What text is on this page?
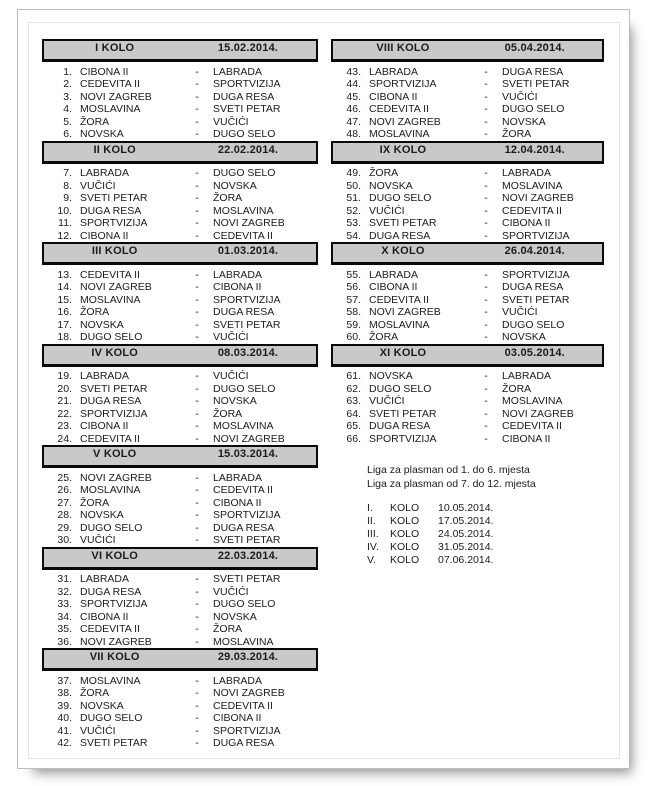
I KOLO	15.02.2014.
1. CIBONA II	-	LABRADA
2. CEDEVITA II	-	SPORTVIZIJA
3. NOVI ZAGREB	-	DUGA RESA
4. MOSLAVINA	-	SVETI PETAR
5. ŽORA	-	VUČIĆI
6. NOVSKA	-	DUGO SELO
II KOLO	22.02.2014.
7. LABRADA	-	DUGO SELO
8. VUČIĆI	-	NOVSKA
9. SVETI PETAR	-	ŽORA
10. DUGA RESA	-	MOSLAVINA
11. SPORTVIZIJA	-	NOVI ZAGREB
12. CIBONA II	-	CEDEVITA II
III KOLO	01.03.2014.
13. CEDEVITA II	-	LABRADA
14. NOVI ZAGREB	-	CIBONA II
15. MOSLAVINA	-	SPORTVIZIJA
16. ŽORA	-	DUGA RESA
17. NOVSKA	-	SVETI PETAR
18. DUGO SELO	-	VUČIĆI
IV KOLO	08.03.2014.
19. LABRADA	-	VUČIĆI
20. SVETI PETAR	-	DUGO SELO
21. DUGA RESA	-	NOVSKA
22. SPORTVIZIJA	-	ŽORA
23. CIBONA II	-	MOSLAVINA
24. CEDEVITA II	-	NOVI ZAGREB
V KOLO	15.03.2014.
25. NOVI ZAGREB	-	LABRADA
26. MOSLAVINA	-	CEDEVITA II
27. ŽORA	-	CIBONA II
28. NOVSKA	-	SPORTVIZIJA
29. DUGO SELO	-	DUGA RESA
30. VUČIĆI	-	SVETI PETAR
VI KOLO	22.03.2014.
31. LABRADA	-	SVETI PETAR
32. DUGA RESA	-	VUČIĆI
33. SPORTVIZIJA	-	DUGO SELO
34. CIBONA II	-	NOVSKA
35. CEDEVITA II	-	ŽORA
36. NOVI ZAGREB	-	MOSLAVINA
VII KOLO	29.03.2014.
37. MOSLAVINA	-	LABRADA
38. ŽORA	-	NOVI ZAGREB
39. NOVSKA	-	CEDEVITA II
40. DUGO SELO	-	CIBONA II
41. VUČIĆI	-	SPORTVIZIJA
42. SVETI PETAR	-	DUGA RESA
VIII KOLO	05.04.2014.
43. LABRADA	-	DUGA RESA
44. SPORTVIZIJA	-	SVETI PETAR
45. CIBONA II	-	VUČIĆI
46. CEDEVITA II	-	DUGO SELO
47. NOVI ZAGREB	-	NOVSKA
48. MOSLAVINA	-	ŽORA
IX KOLO	12.04.2014.
49. ŽORA	-	LABRADA
50. NOVSKA	-	MOSLAVINA
51. DUGO SELO	-	NOVI ZAGREB
52. VUČIĆI	-	CEDEVITA II
53. SVETI PETAR	-	CIBONA II
54. DUGA RESA	-	SPORTVIZIJA
X KOLO	26.04.2014.
55. LABRADA	-	SPORTVIZIJA
56. CIBONA II	-	DUGA RESA
57. CEDEVITA II	-	SVETI PETAR
58. NOVI ZAGREB	-	VUČIĆI
59. MOSLAVINA	-	DUGO SELO
60. ŽORA	-	NOVSKA
XI KOLO	03.05.2014.
61. NOVSKA	-	LABRADA
62. DUGO SELO	-	ŽORA
63. VUČIĆI	-	MOSLAVINA
64. SVETI PETAR	-	NOVI ZAGREB
65. DUGA RESA	-	CEDEVITA II
66. SPORTVIZIJA	-	CIBONA II
Liga za plasman od 1. do 6. mjesta
Liga za plasman od 7. do 12. mjesta
I.	KOLO	10.05.2014.
II.	KOLO	17.05.2014.
III.	KOLO	24.05.2014.
IV.	KOLO	31.05.2014.
V.	KOLO	07.06.2014.
